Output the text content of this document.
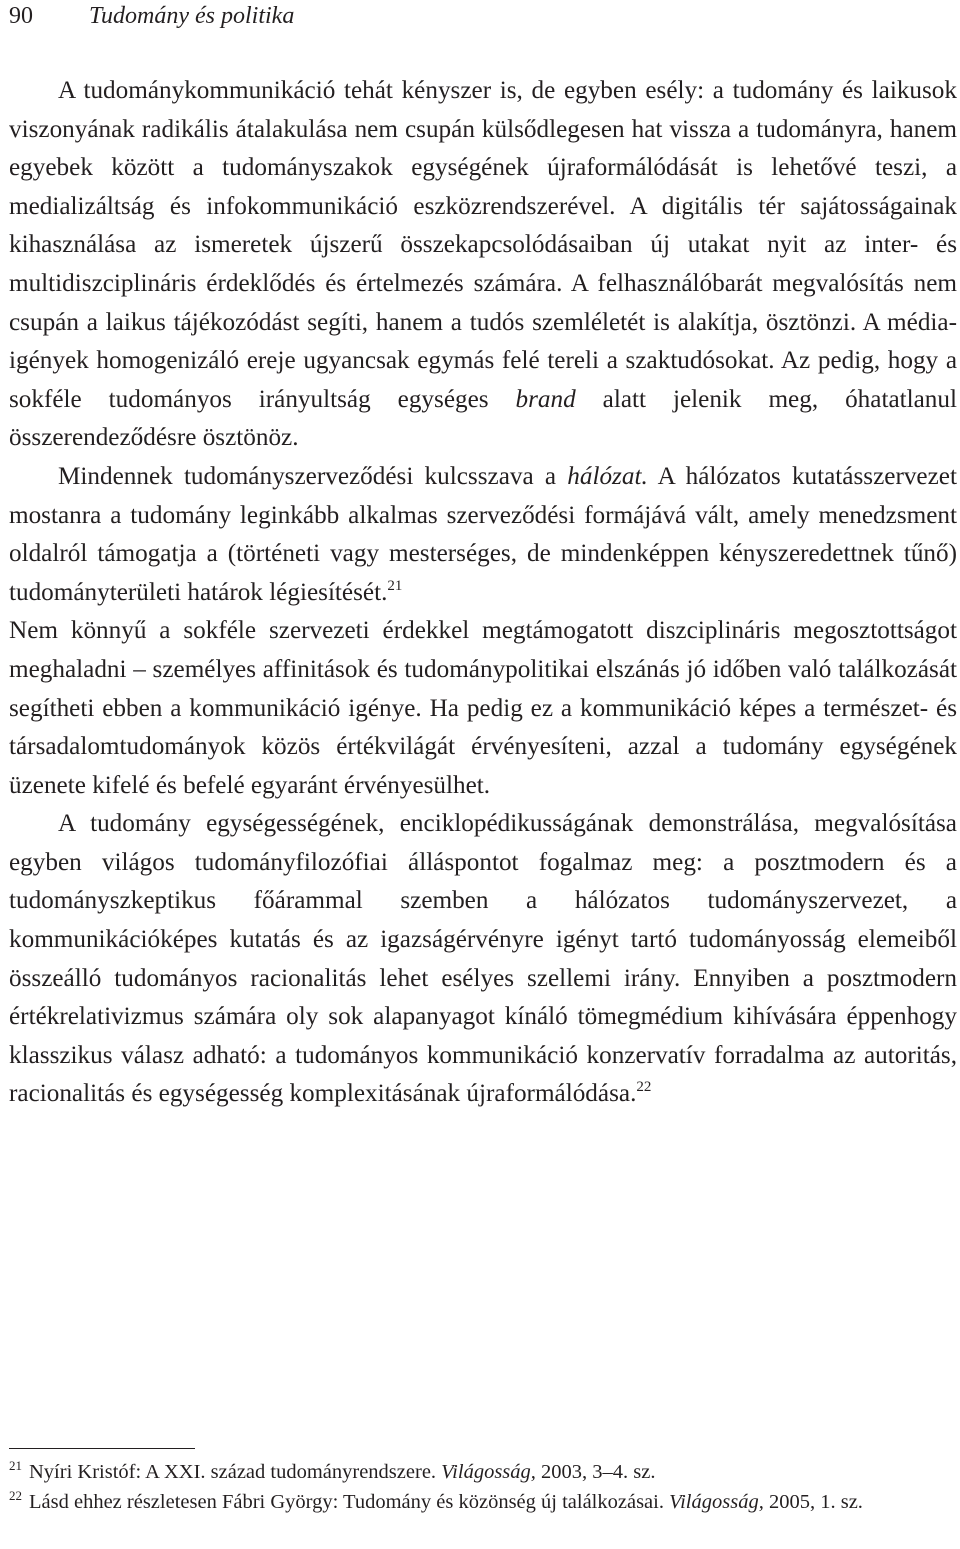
90	Tudomány és politika

A tudománykommunikáció tehát kényszer is, de egyben esély: a tudomány és laikusok viszonyának radikális átalakulása nem csupán külsődlegesen hat vissza a tudományra, hanem egyebek között a tudományszakok egységének újraformálódását is lehetővé teszi, a medializáltság és infokommunikáció eszközrendszerével. A digitális tér sajátosságainak kihasználása az ismeretek újszerű összekapcsolódásaiban új utakat nyit az inter- és multidiszciplináris érdeklődés és értelmezés számára. A felhasználóbarát megvalósítás nem csupán a laikus tájékozódást segíti, hanem a tudós szemléletét is alakítja, ösztönzi. A médiaigények homogenizáló ereje ugyancsak egymás felé tereli a szaktudósokat. Az pedig, hogy a sokféle tudományos irányultság egységes brand alatt jelenik meg, óhatatlanul összerendeződésre ösztönöz.

Mindennek tudományszerveződési kulcsszava a hálózat. A hálózatos kutatásszervezet mostanra a tudomány leginkább alkalmas szerveződési formájává vált, amely menedzsment oldalról támogatja a (történeti vagy mesterséges, de mindenképpen kényszeredettnek tűnő) tudományterületi határok légiesítését.$^{21}$

Nem könnyű a sokféle szervezeti érdekkel megtámogatott diszciplináris megosztottságot meghaladni – személyes affinitások és tudománypolitikai elszánás jó időben való találkozását segítheti ebben a kommunikáció igénye. Ha pedig ez a kommunikáció képes a természet- és társadalomtudományok közös értékvilágát érvényesíteni, azzal a tudomány egységének üzenete kifelé és befelé egyaránt érvényesülhet.

A tudomány egységességének, enciklopédikusságának demonstrálása, megvalósítása egyben világos tudományfilozófiai álláspontot fogalmaz meg: a posztmodern és a tudományszkeptikus főárammal szemben a hálózatos tudományszervezet, a kommunikációképes kutatás és az igazságérvényre igényt tartó tudományosság elemeiből összeálló tudományos racionalitás lehet esélyes szellemi irány. Ennyiben a posztmodern értékrelativizmus számára oly sok alapanyagot kínáló tömegmédium kihívására éppenhogy klasszikus válasz adható: a tudományos kommunikáció konzervatív forradalma az autoritás, racionalitás és egységesség komplexitásának újraformálódása.$^{22}$

$^{21}$ Nyíri Kristóf: A XXI. század tudományrendszere. Világosság, 2003, 3–4. sz.
$^{22}$ Lásd ehhez részletesen Fábri György: Tudomány és közönség új találkozásai. Világosság, 2005, 1. sz.
